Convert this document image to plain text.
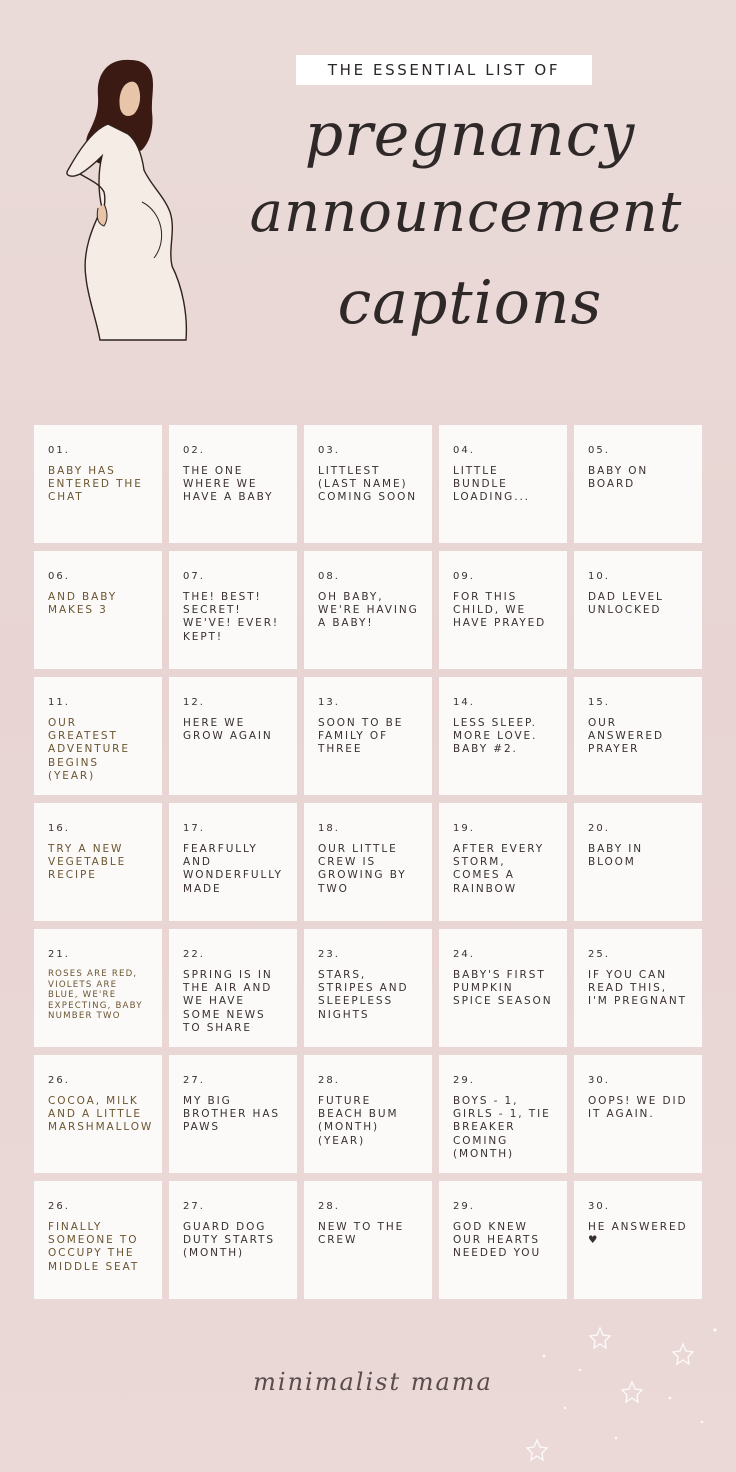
THE ESSENTIAL LIST OF
pregnancy
announcement
captions
01.
BABY HAS ENTERED THE CHAT
02.
THE ONE WHERE WE HAVE A BABY
03.
LITTLEST (LAST NAME) COMING SOON
04.
LITTLE BUNDLE LOADING...
05.
BABY ON BOARD
06.
AND BABY MAKES 3
07.
THE! BEST! SECRET! WE'VE! EVER! KEPT!
08.
OH BABY, WE'RE HAVING A BABY!
09.
FOR THIS CHILD, WE HAVE PRAYED
10.
DAD LEVEL UNLOCKED
11.
OUR GREATEST ADVENTURE BEGINS (YEAR)
12.
HERE WE GROW AGAIN
13.
SOON TO BE FAMILY OF THREE
14.
LESS SLEEP. MORE LOVE. BABY #2.
15.
OUR ANSWERED PRAYER
16.
TRY A NEW VEGETABLE RECIPE
17.
FEARFULLY AND WONDERFULLY MADE
18.
OUR LITTLE CREW IS GROWING BY TWO
19.
AFTER EVERY STORM, COMES A RAINBOW
20.
BABY IN BLOOM
21.
ROSES ARE RED, VIOLETS ARE BLUE, WE'RE EXPECTING, BABY NUMBER TWO
22.
SPRING IS IN THE AIR AND WE HAVE SOME NEWS TO SHARE
23.
STARS, STRIPES AND SLEEPLESS NIGHTS
24.
BABY'S FIRST PUMPKIN SPICE SEASON
25.
IF YOU CAN READ THIS, I'M PREGNANT
26.
COCOA, MILK AND A LITTLE MARSHMALLOW
27.
MY BIG BROTHER HAS PAWS
28.
FUTURE BEACH BUM (MONTH) (YEAR)
29.
BOYS - 1, GIRLS - 1, TIE BREAKER COMING (MONTH)
30.
OOPS! WE DID IT AGAIN.
26.
FINALLY SOMEONE TO OCCUPY THE MIDDLE SEAT
27.
GUARD DOG DUTY STARTS (MONTH)
28.
NEW TO THE CREW
29.
GOD KNEW OUR HEARTS NEEDED YOU
30.
HE ANSWERED ♥
minimalist mama
